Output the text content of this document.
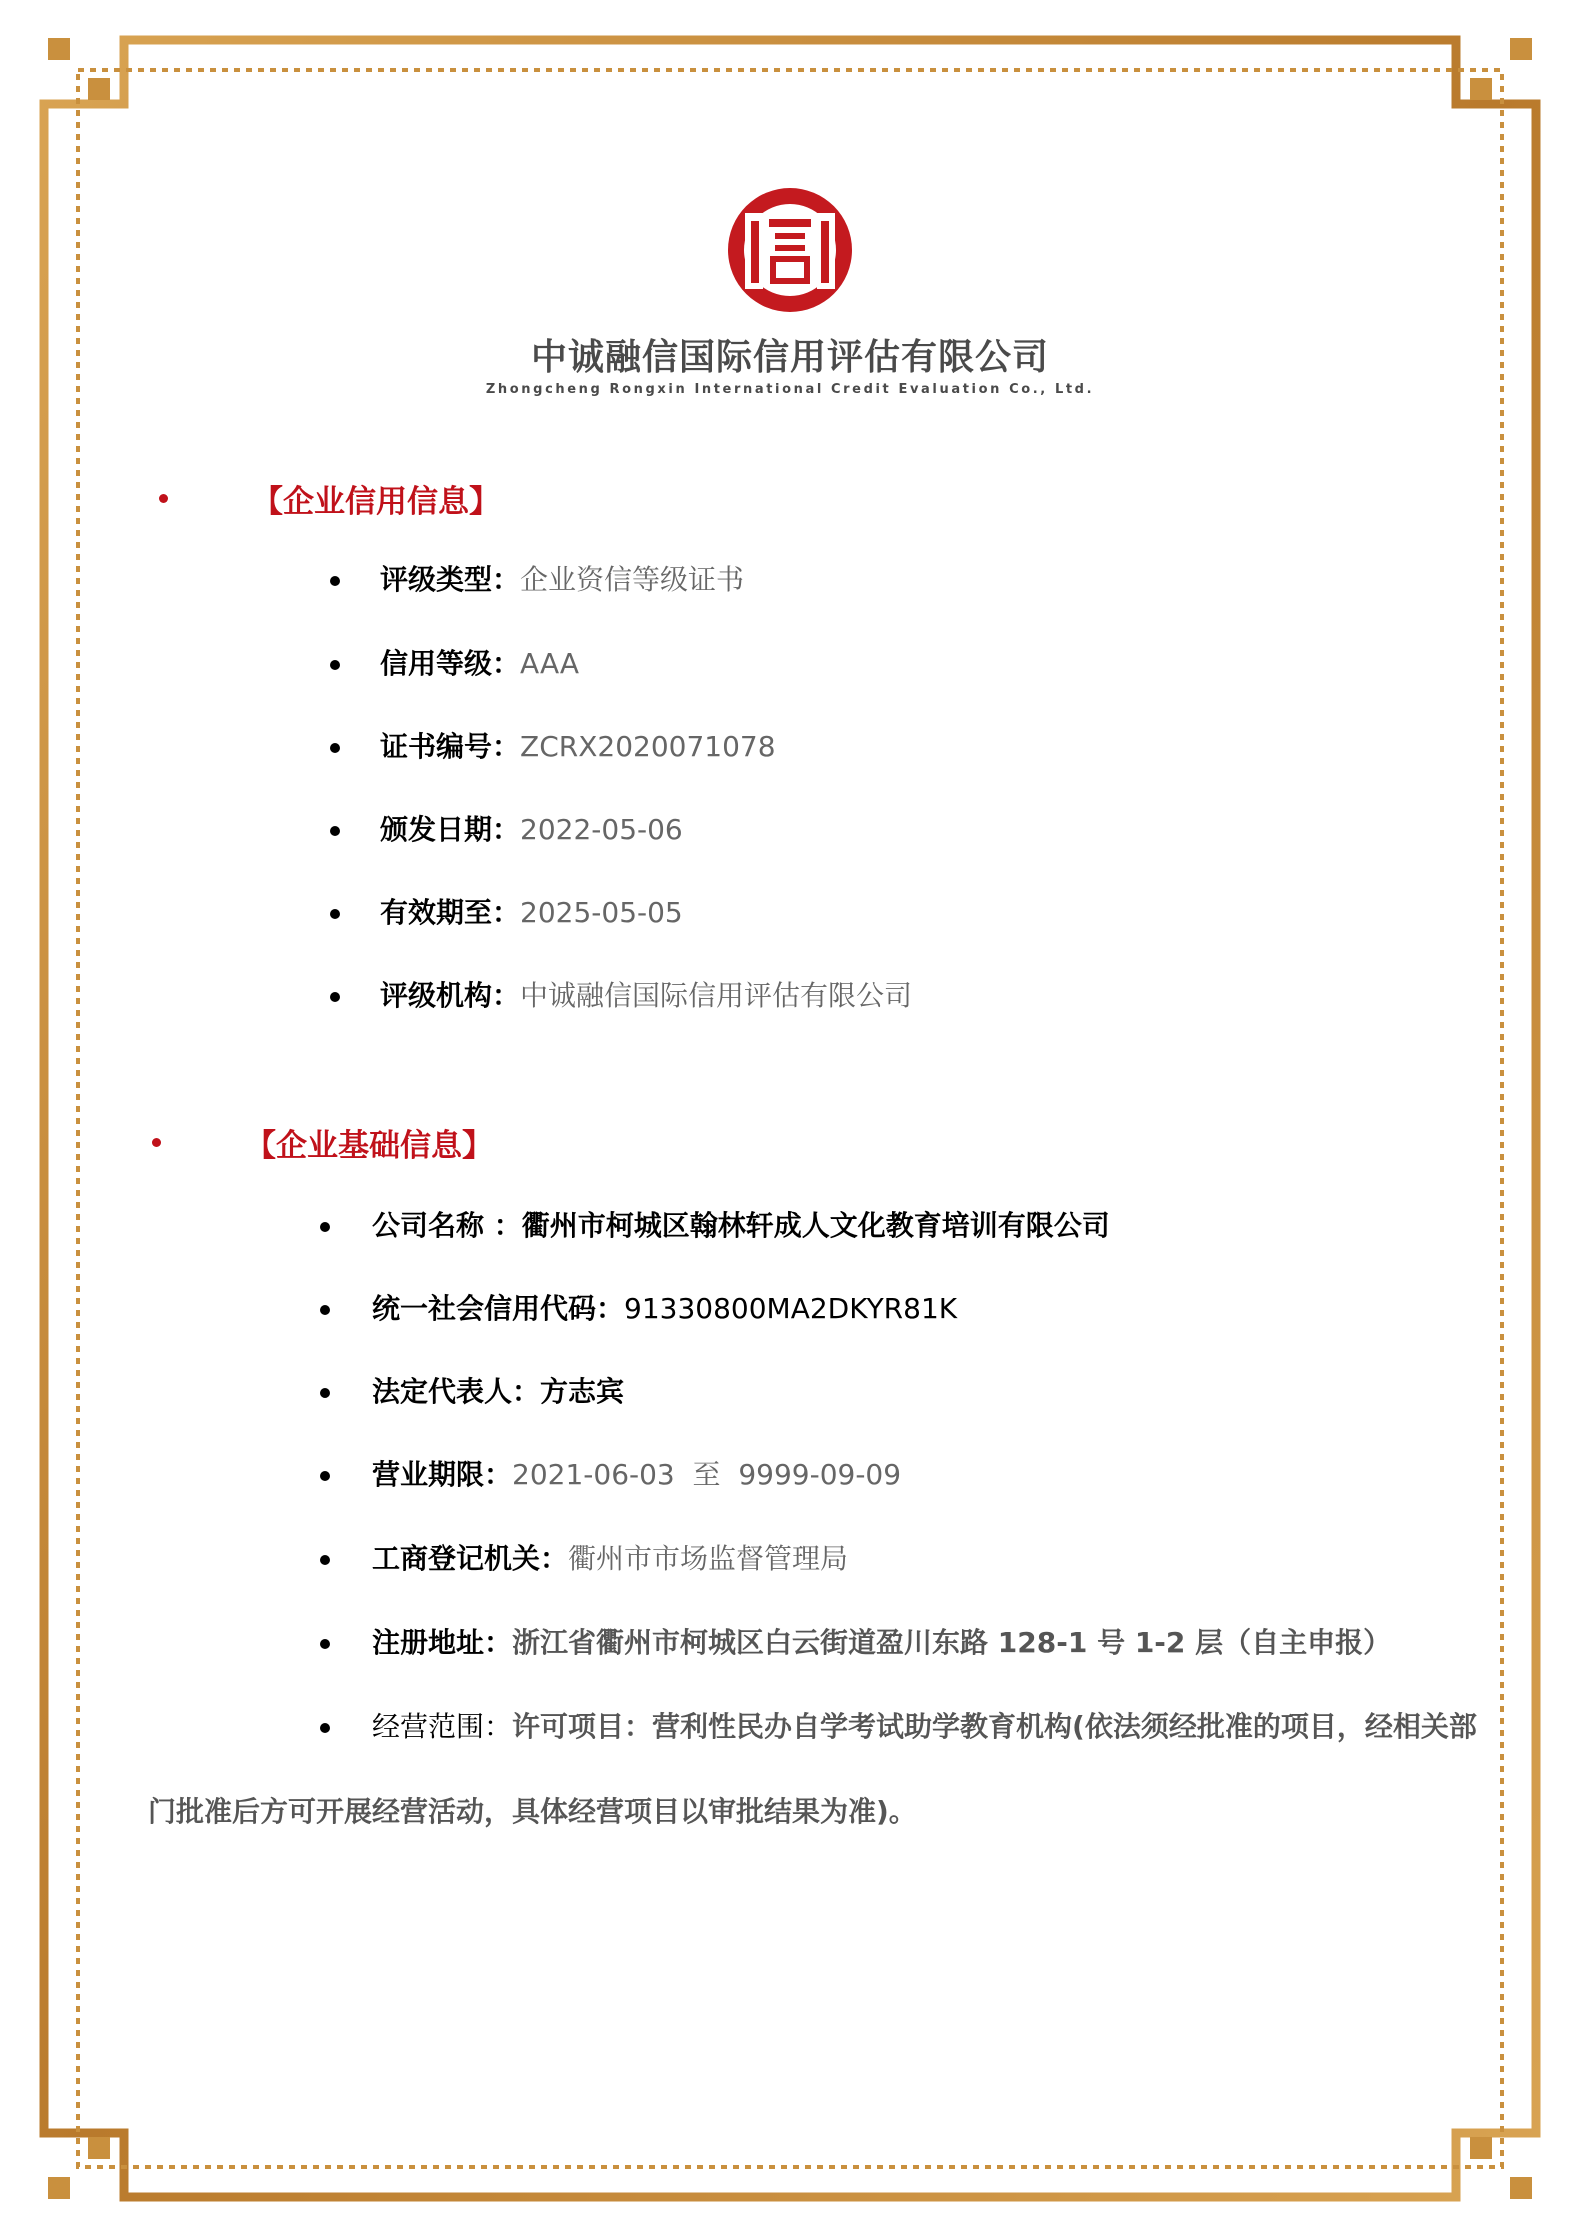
中诚融信国际信用评估有限公司
Zhongcheng Rongxin International Credit Evaluation Co., Ltd.
【企业信用信息】
评级类型：企业资信等级证书
信用等级：AAA
证书编号：ZCRX2020071078
颁发日期：2022-05-06
有效期至：2025-05-05
评级机构：中诚融信国际信用评估有限公司
【企业基础信息】
公司名称 ：衢州市柯城区翰林轩成人文化教育培训有限公司
统一社会信用代码：91330800MA2DKYR81K
法定代表人：方志宾
营业期限：2021-06-03  至  9999-09-09
工商登记机关：衢州市市场监督管理局
注册地址：浙江省衢州市柯城区白云街道盈川东路 128-1 号 1-2 层（自主申报）
经营范围：许可项目：营利性民办自学考试助学教育机构(依法须经批准的项目，经相关部
门批准后方可开展经营活动，具体经营项目以审批结果为准)。
